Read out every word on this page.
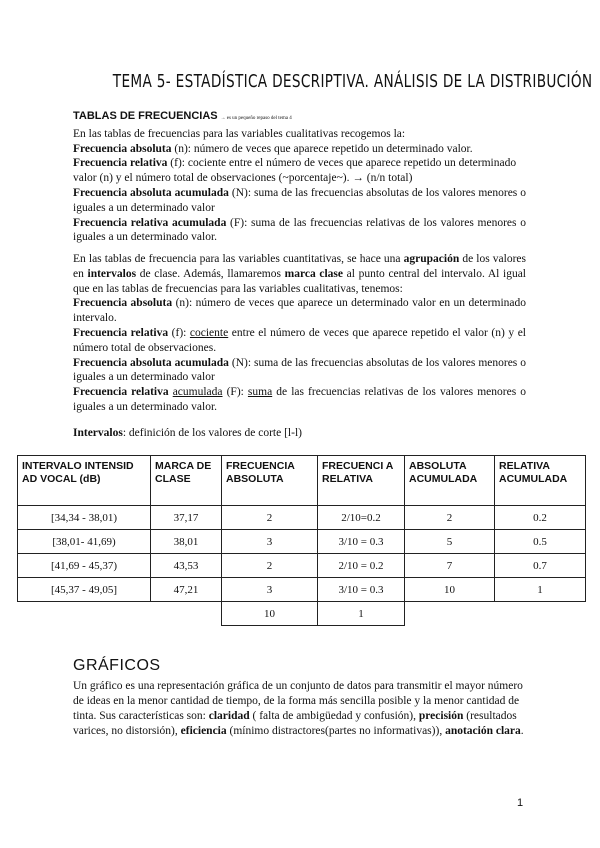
TEMA 5- ESTADÍSTICA DESCRIPTIVA. ANÁLISIS DE LA DISTRIBUCIÓN

TABLAS DE FRECUENCIAS → es un pequeño repaso del tema 4

En las tablas de frecuencias para las variables cualitativas recogemos la:

Frecuencia absoluta (n): número de veces que aparece repetido un determinado valor.

Frecuencia relativa (f): cociente entre el número de veces que aparece repetido un determinado valor (n) y el número total de observaciones (~porcentaje~). → (n/n total)

Frecuencia absoluta acumulada (N): suma de las frecuencias absolutas de los valores menores o iguales a un determinado valor

Frecuencia relativa acumulada (F): suma de las frecuencias relativas de los valores menores o iguales a un determinado valor.

En las tablas de frecuencia para las variables cuantitativas, se hace una agrupación de los valores en intervalos de clase. Además, llamaremos marca clase al punto central del intervalo. Al igual que en las tablas de frecuencias para las variables cualitativas, tenemos:

Frecuencia absoluta (n): número de veces que aparece un determinado valor en un determinado intervalo.

Frecuencia relativa (f): cociente entre el número de veces que aparece repetido el valor (n) y el número total de observaciones.

Frecuencia absoluta acumulada (N): suma de las frecuencias absolutas de los valores menores o iguales a un determinado valor

Frecuencia relativa acumulada (F): suma de las frecuencias relativas de los valores menores o iguales a un determinado valor.

Intervalos: definición de los valores de corte [l-l)

INTERVALO INTENSID AD VOCAL (dB)	MARCA DE CLASE	FRECUENCIA ABSOLUTA	FRECUENCI A RELATIVA	ABSOLUTA ACUMULADA	RELATIVA ACUMULADA
[34,34 - 38,01)	37,17	2	2/10=0.2	2	0.2
[38,01- 41,69)	38,01	3	3/10 = 0.3	5	0.5
[41,69 - 45,37)	43,53	2	2/10 = 0.2	7	0.7
[45,37 - 49,05]	47,21	3	3/10 = 0.3	10	1
		10	1		
GRÁFICOS

Un gráfico es una representación gráfica de un conjunto de datos para transmitir el mayor número de ideas en la menor cantidad de tiempo, de la forma más sencilla posible y la menor cantidad de tinta. Sus características son: claridad ( falta de ambigüedad y confusión), precisión (resultados varices, no distorsión), eficiencia (mínimo distractores(partes no informativas)), anotación clara.

1
